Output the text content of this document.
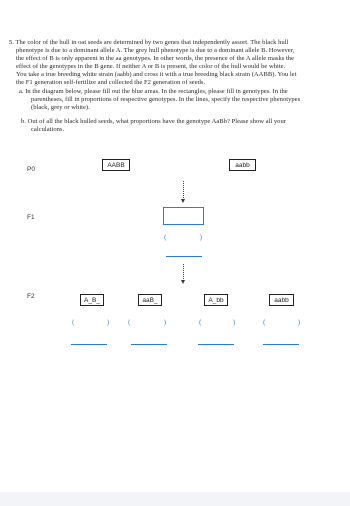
5. The color of the hull in oat seeds are determined by two genes that independently assort. The black hull

phenotype is due to a dominant allele A. The grey hull phenotype is due to a dominant allele B. However,

the effect of B is only apparent in the aa genotypes. In other words, the presence of the A allele masks the

effect of the genotypes in the B gene. If neither A or B is present, the color of the hull would be white.

You take a true breeding white strain (aabb) and cross it with a true breeding black strain (AABB). You let

the F1 generation self-fertilize and collected the F2 generation of seeds.

a. In the diagram below, please fill out the blue areas. In the rectangles, please fill in genotypes. In the

parentheses, fill in proportions of respective genotypes. In the lines, specify the respective phenotypes

(black, grey or white).

b. Out of all the black hulled seeds, what proportions have the genotype AaBb? Please show all your

calculations.

P0
F1
F2
AABB	aabb
(	)
A_B_	aaB_	A_bb	aabb
(	)	(	)	(	)	(	)
